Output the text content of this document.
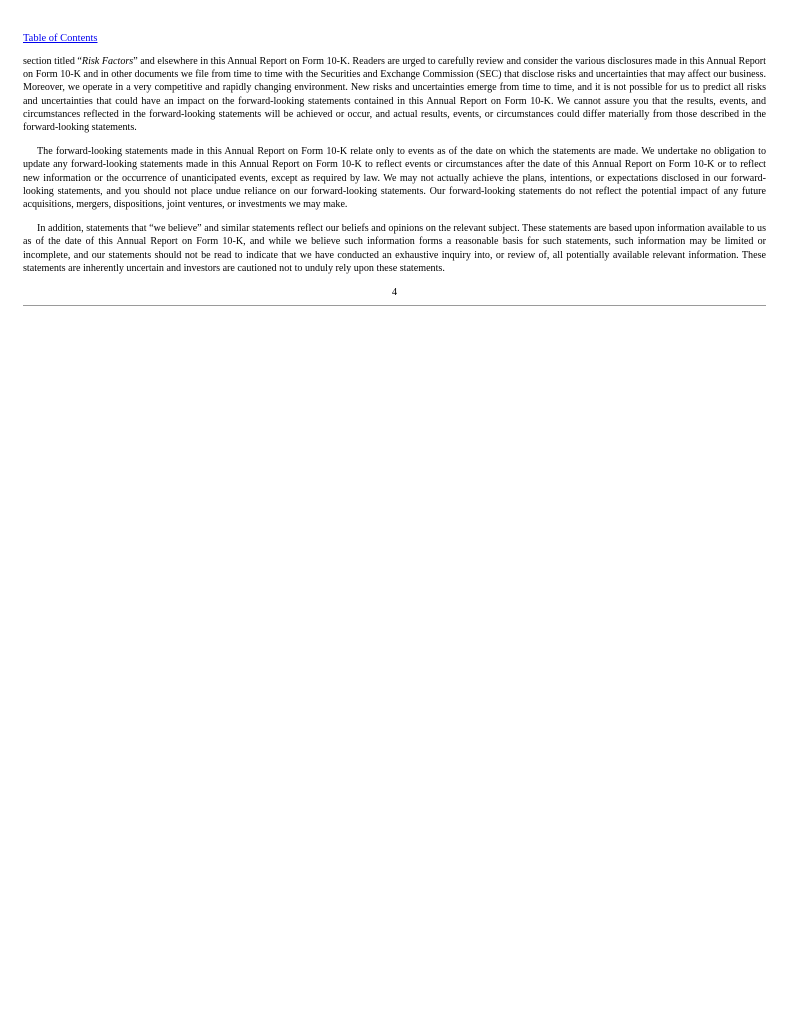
Table of Contents

section titled “Risk Factors” and elsewhere in this Annual Report on Form 10-K. Readers are urged to carefully review and consider the various disclosures made in this Annual Report on Form 10-K and in other documents we file from time to time with the Securities and Exchange Commission (SEC) that disclose risks and uncertainties that may affect our business. Moreover, we operate in a very competitive and rapidly changing environment. New risks and uncertainties emerge from time to time, and it is not possible for us to predict all risks and uncertainties that could have an impact on the forward-looking statements contained in this Annual Report on Form 10-K. We cannot assure you that the results, events, and circumstances reflected in the forward-looking statements will be achieved or occur, and actual results, events, or circumstances could differ materially from those described in the forward-looking statements.

The forward-looking statements made in this Annual Report on Form 10-K relate only to events as of the date on which the statements are made. We undertake no obligation to update any forward-looking statements made in this Annual Report on Form 10-K to reflect events or circumstances after the date of this Annual Report on Form 10-K or to reflect new information or the occurrence of unanticipated events, except as required by law. We may not actually achieve the plans, intentions, or expectations disclosed in our forward-looking statements, and you should not place undue reliance on our forward-looking statements. Our forward-looking statements do not reflect the potential impact of any future acquisitions, mergers, dispositions, joint ventures, or investments we may make.

In addition, statements that “we believe” and similar statements reflect our beliefs and opinions on the relevant subject. These statements are based upon information available to us as of the date of this Annual Report on Form 10-K, and while we believe such information forms a reasonable basis for such statements, such information may be limited or incomplete, and our statements should not be read to indicate that we have conducted an exhaustive inquiry into, or review of, all potentially available relevant information. These statements are inherently uncertain and investors are cautioned not to unduly rely upon these statements.

4
